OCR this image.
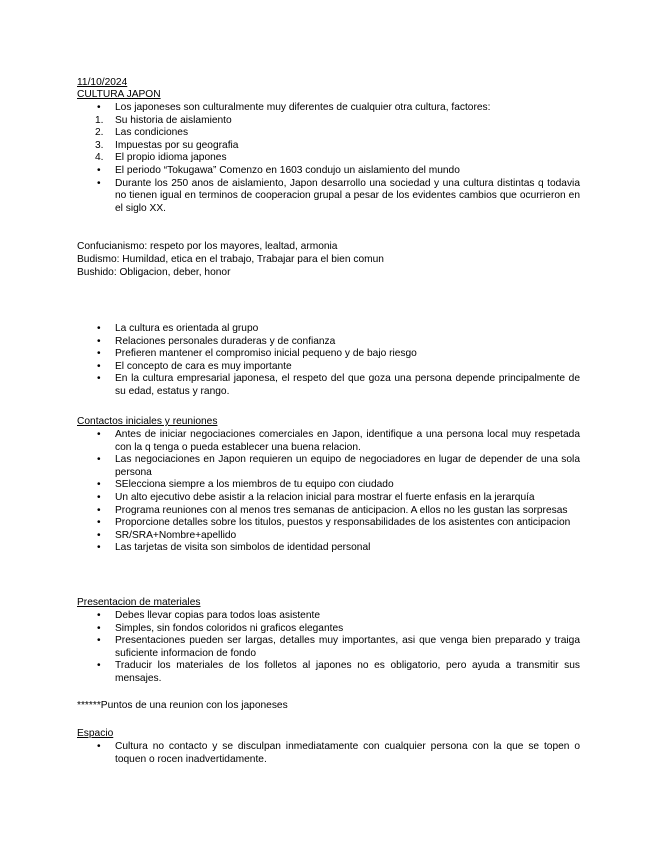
11/10/2024
CULTURA JAPON
• Los japoneses son culturalmente muy diferentes de cualquier otra cultura, factores:
1. Su historia de aislamiento
2. Las condiciones
3. Impuestas por su geografia
4. El propio idioma japones
• El periodo “Tokugawa” Comenzo en 1603 condujo un aislamiento del mundo
• Durante los 250 anos de aislamiento, Japon desarrollo una sociedad y una cultura distintas q todavia no tienen igual en terminos de cooperacion grupal a pesar de los evidentes cambios que ocurrieron en el siglo XX.
Confucianismo: respeto por los mayores, lealtad, armonia
Budismo: Humildad, etica en el trabajo, Trabajar para el bien comun
Bushido: Obligacion, deber, honor
• La cultura es orientada al grupo
• Relaciones personales duraderas y de confianza
• Prefieren mantener el compromiso inicial pequeno y de bajo riesgo
• El concepto de cara es muy importante
• En la cultura empresarial japonesa, el respeto del que goza una persona depende principalmente de su edad, estatus y rango.
Contactos iniciales y reuniones
• Antes de iniciar negociaciones comerciales en Japon, identifique a una persona local muy respetada con la q tenga o pueda establecer una buena relacion.
• Las negociaciones en Japon requieren un equipo de negociadores en lugar de depender de una sola persona
• SElecciona siempre a los miembros de tu equipo con ciudado
• Un alto ejecutivo debe asistir a la relacion inicial para mostrar el fuerte enfasis en la jerarquía
• Programa reuniones con al menos tres semanas de anticipacion. A ellos no les gustan las sorpresas
• Proporcione detalles sobre los titulos, puestos y responsabilidades de los asistentes con anticipacion
• SR/SRA+Nombre+apellido
• Las tarjetas de visita son simbolos de identidad personal
Presentacion de materiales
• Debes llevar copias para todos loas asistente
• Simples, sin fondos coloridos ni graficos elegantes
• Presentaciones pueden ser largas, detalles muy importantes, asi que venga bien preparado y traiga suficiente informacion de fondo
• Traducir los materiales de los folletos al japones no es obligatorio, pero ayuda a transmitir sus mensajes.
******Puntos de una reunion con los japoneses
Espacio
• Cultura no contacto y se disculpan inmediatamente con cualquier persona con la que se topen o toquen o rocen inadvertidamente.
